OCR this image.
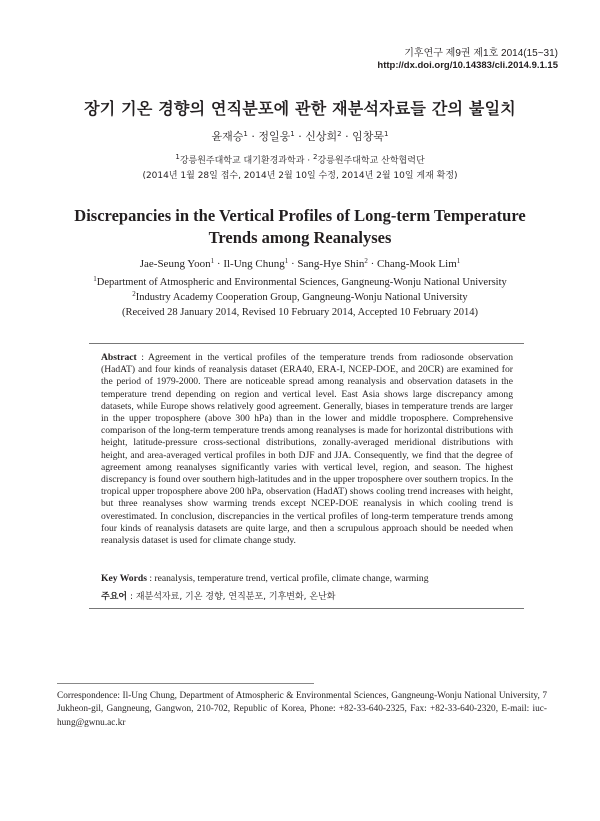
기후연구 제9권 제1호 2014(15~31)
http://dx.doi.org/10.14383/cli.2014.9.1.15
장기 기온 경향의 연직분포에 관한 재분석자료들 간의 불일치
윤재승$^1$ · 정일웅$^1$ · 신상희$^2$ · 임창묵$^1$
$^1$강릉원주대학교 대기환경과학과 · $^2$강릉원주대학교 산학협력단
(2014년 1월 28일 접수, 2014년 2월 10일 수정, 2014년 2월 10일 게재 확정)
Discrepancies in the Vertical Profiles of Long-term Temperature
Trends among Reanalyses
Jae-Seung Yoon$^1$ · Il-Ung Chung$^1$ · Sang-Hye Shin$^2$ · Chang-Mook Lim$^1$
$^1$Department of Atmospheric and Environmental Sciences, Gangneung-Wonju National University
$^2$Industry Academy Cooperation Group, Gangneung-Wonju National University
(Received 28 January 2014, Revised 10 February 2014, Accepted 10 February 2014)
Abstract : Agreement in the vertical profiles of the temperature trends from radiosonde observation (HadAT) and four kinds of reanalysis dataset (ERA40, ERA-I, NCEP-DOE, and 20CR) are examined for the period of 1979-2000. There are noticeable spread among reanalysis and observation datasets in the temperature trend depending on region and vertical level. East Asia shows large discrepancy among datasets, while Europe shows relatively good agreement. Generally, biases in temperature trends are larger in the upper troposphere (above 300 hPa) than in the lower and middle troposphere. Comprehensive comparison of the long-term temperature trends among reanalyses is made for horizontal distributions with height, latitude-pressure cross-sectional distributions, zonally-averaged meridional distributions with height, and area-averaged vertical profiles in both DJF and JJA. Consequently, we find that the degree of agreement among reanalyses significantly varies with vertical level, region, and season. The highest discrepancy is found over southern high-latitudes and in the upper troposphere over southern tropics. In the tropical upper troposphere above 200 hPa, observation (HadAT) shows cooling trend increases with height, but three reanalyses show warming trends except NCEP-DOE reanalysis in which cooling trend is overestimated. In conclusion, discrepancies in the vertical profiles of long-term temperature trends among four kinds of reanalysis datasets are quite large, and then a scrupulous approach should be needed when reanalysis dataset is used for climate change study.
Key Words : reanalysis, temperature trend, vertical profile, climate change, warming
주요어 : 재분석자료, 기온 경향, 연직분포, 기후변화, 온난화
Correspondence: Il-Ung Chung, Department of Atmospheric & Environmental Sciences, Gangneung-Wonju National University, 7 Jukheon-gil, Gangneung, Gangwon, 210-702, Republic of Korea, Phone: +82-33-640-2325, Fax: +82-33-640-2320, E-mail: iuc-hung@gwnu.ac.kr
